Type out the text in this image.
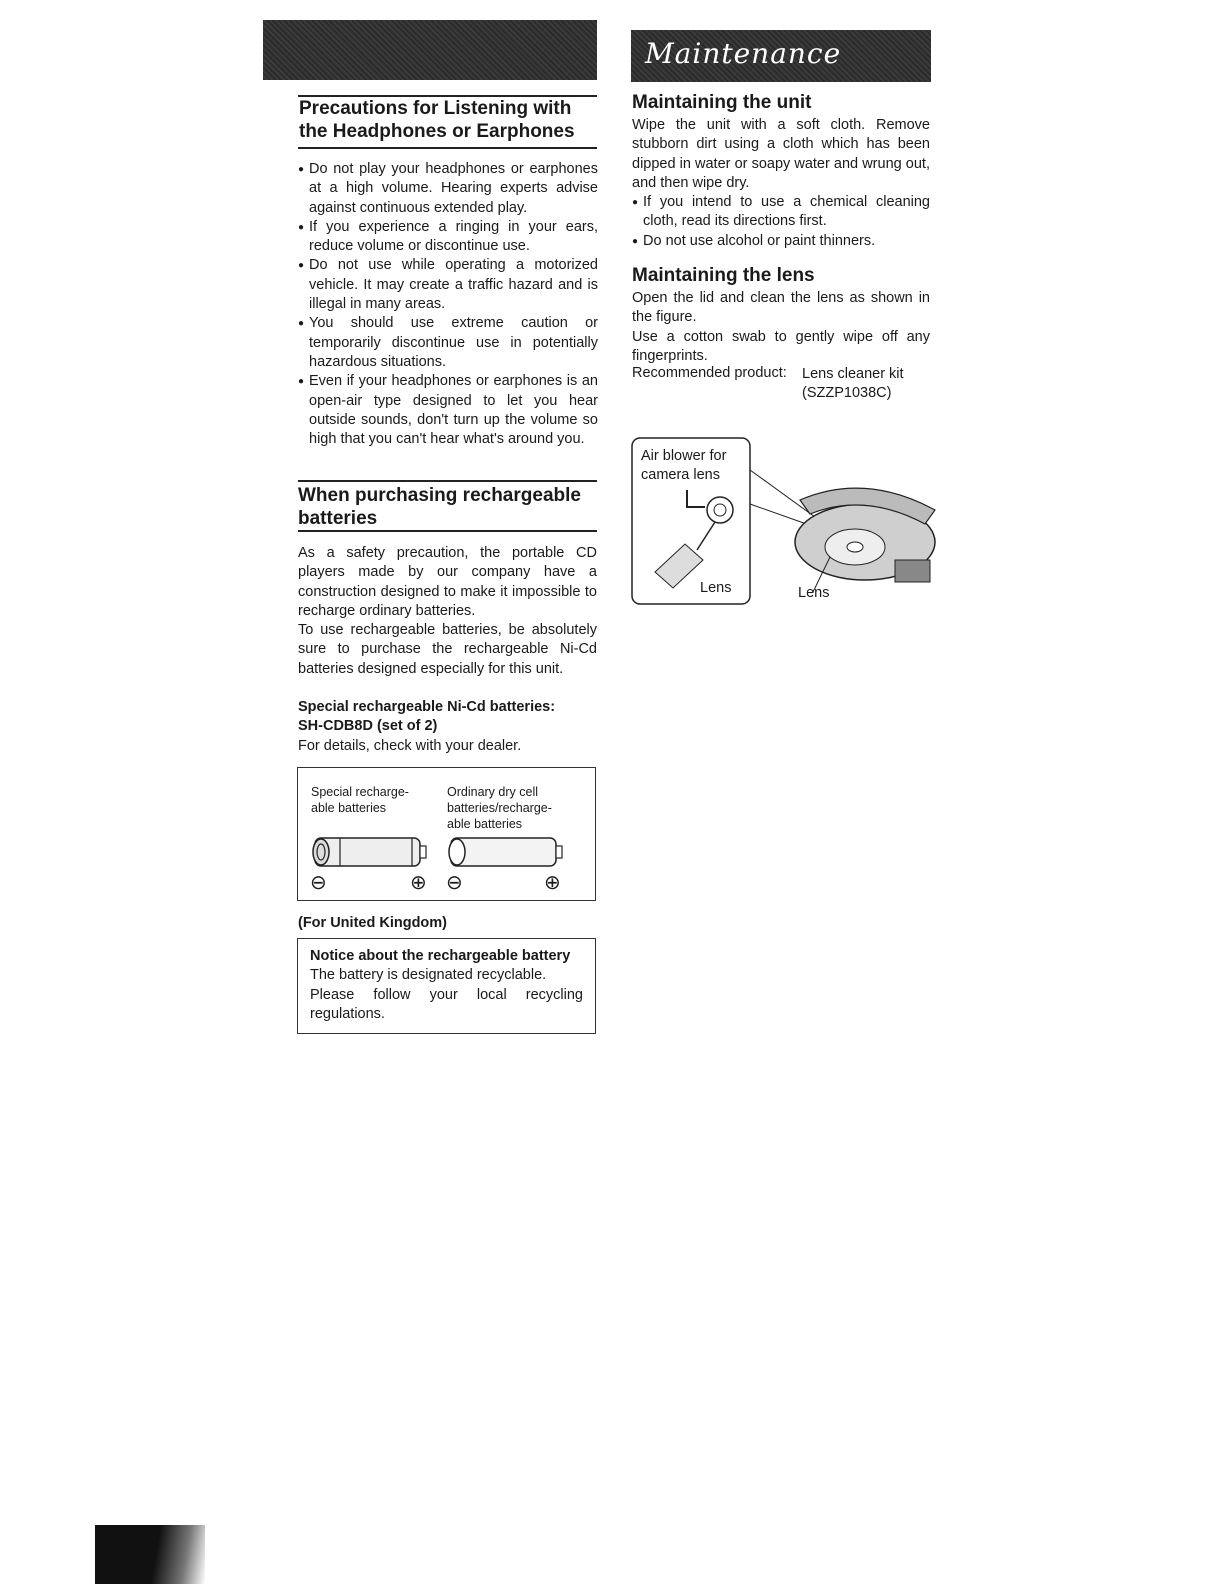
Maintenance
Precautions for Listening with
the Headphones or Earphones
● Do not play your headphones or earphones at a high volume. Hearing experts advise against continuous extended play.
● If you experience a ringing in your ears, reduce volume or discontinue use.
● Do not use while operating a motorized vehicle. It may create a traffic hazard and is illegal in many areas.
● You should use extreme caution or temporarily discontinue use in potentially hazardous situations.
● Even if your headphones or earphones is an open-air type designed to let you hear outside sounds, don't turn up the volume so high that you can't hear what's around you.
When purchasing rechargeable
batteries
As a safety precaution, the portable CD players made by our company have a construction designed to make it impossible to recharge ordinary batteries.
To use rechargeable batteries, be absolutely sure to purchase the rechargeable Ni-Cd batteries designed especially for this unit.
Special rechargeable Ni-Cd batteries:
SH-CDB8D (set of 2)
For details, check with your dealer.
Special recharge-
able batteries
Ordinary dry cell
batteries/recharge-
able batteries
⊖	⊕ ⊖	⊕
(For United Kingdom)
Notice about the rechargeable battery
The battery is designated recyclable.
Please follow your local recycling regulations.
Maintaining the unit
Wipe the unit with a soft cloth. Remove stubborn dirt using a cloth which has been dipped in water or soapy water and wrung out, and then wipe dry.
● If you intend to use a chemical cleaning cloth, read its directions first.
● Do not use alcohol or paint thinners.
Maintaining the lens
Open the lid and clean the lens as shown in the figure.
Use a cotton swab to gently wipe off any fingerprints.
Recommended product: Lens cleaner kit
(SZZP1038C)
Air blower for
camera lens
Lens	Lens
